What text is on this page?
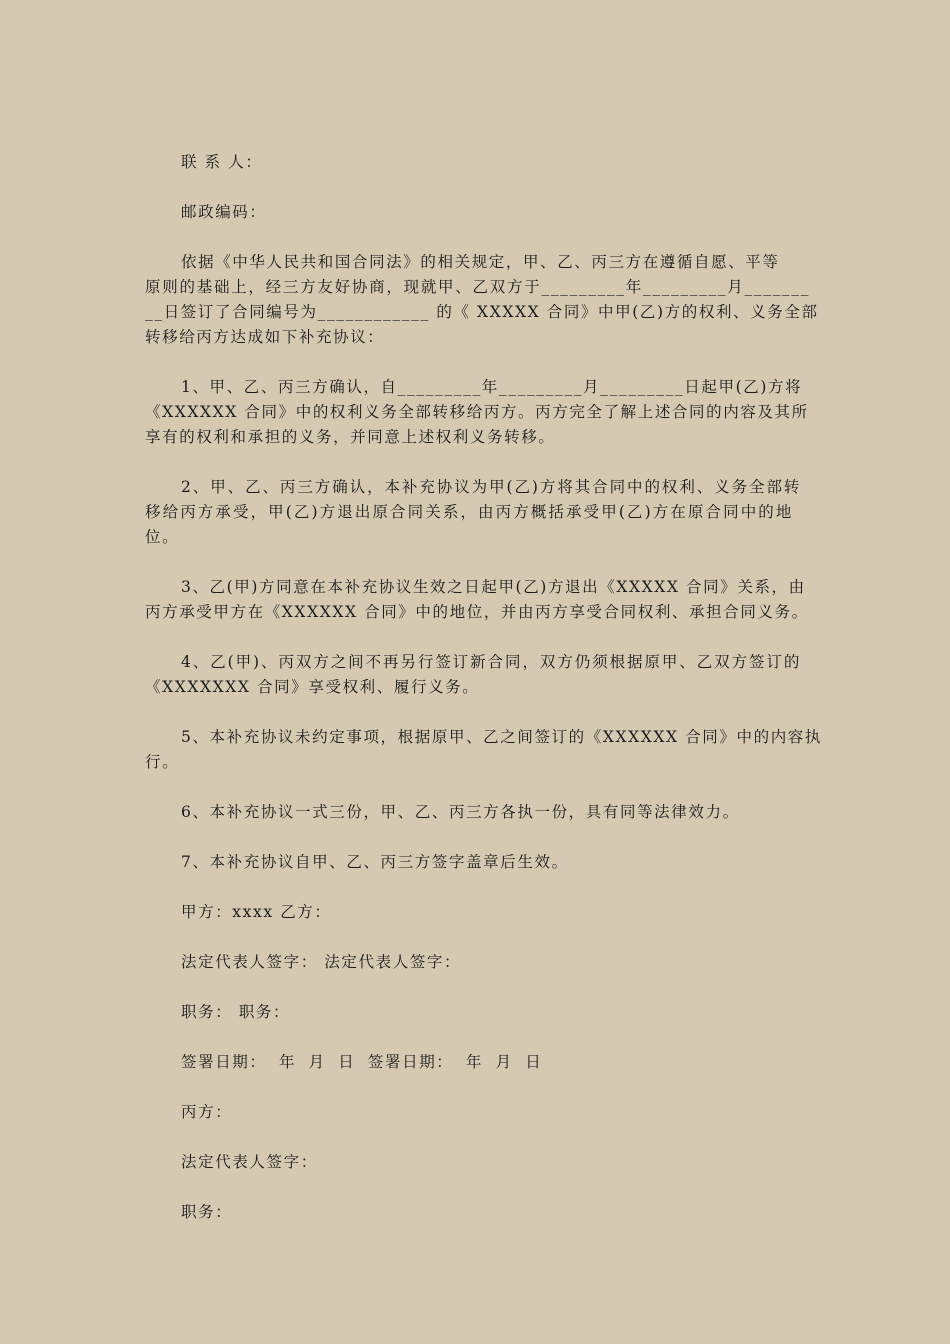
联 系 人：
邮政编码：
依据《中华人民共和国合同法》的相关规定，甲、乙、丙三方在遵循自愿、平等
原则的基础上，经三方友好协商，现就甲、乙双方于_________年_________月_______
__日签订了合同编号为____________ 的《 XXXXX 合同》中甲(乙)方的权利、义务全部
转移给丙方达成如下补充协议：
1、甲、乙、丙三方确认，自_________年_________月_________日起甲(乙)方将
《XXXXXX 合同》中的权利义务全部转移给丙方。丙方完全了解上述合同的内容及其所
享有的权利和承担的义务，并同意上述权利义务转移。
2、甲、乙、丙三方确认，本补充协议为甲(乙)方将其合同中的权利、义务全部转
移给丙方承受，甲(乙)方退出原合同关系，由丙方概括承受甲(乙)方在原合同中的地
位。
3、乙(甲)方同意在本补充协议生效之日起甲(乙)方退出《XXXXX 合同》关系，由
丙方承受甲方在《XXXXXX 合同》中的地位，并由丙方享受合同权利、承担合同义务。
4、乙(甲)、丙双方之间不再另行签订新合同，双方仍须根据原甲、乙双方签订的
《XXXXXXX 合同》享受权利、履行义务。
5、本补充协议未约定事项，根据原甲、乙之间签订的《XXXXXX 合同》中的内容执
行。
6、本补充协议一式三份，甲、乙、丙三方各执一份，具有同等法律效力。
7、本补充协议自甲、乙、丙三方签字盖章后生效。
甲方：xxxx 乙方：
法定代表人签字： 法定代表人签字：
职务： 职务：
签署日期： 年 月 日 签署日期： 年 月 日
丙方：
法定代表人签字：
职务：
